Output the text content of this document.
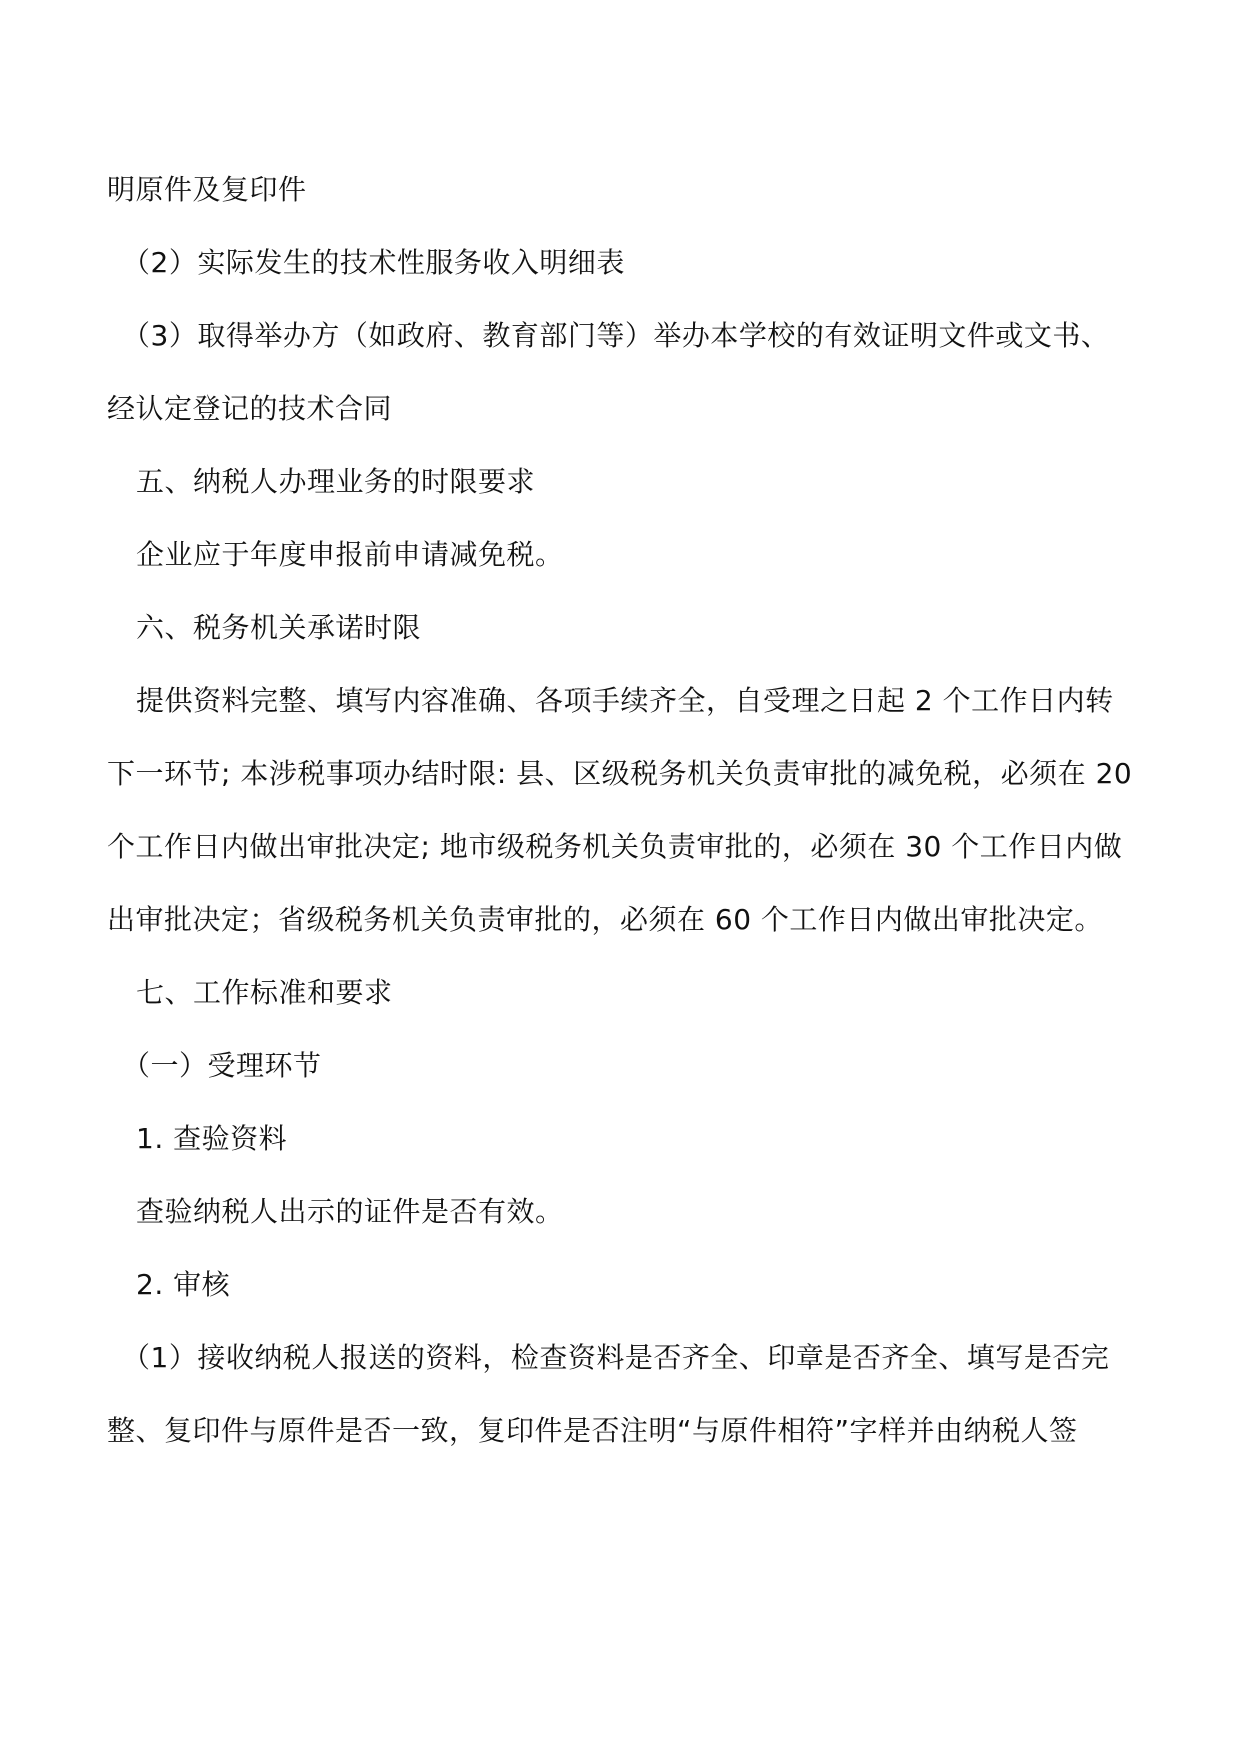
明原件及复印件
（2）实际发生的技术性服务收入明细表
（3）取得举办方（如政府、教育部门等）举办本学校的有效证明文件或文书、
经认定登记的技术合同
五、纳税人办理业务的时限要求
企业应于年度申报前申请减免税。
六、税务机关承诺时限
提供资料完整、填写内容准确、各项手续齐全，自受理之日起 2 个工作日内转
下一环节; 本涉税事项办结时限: 县、区级税务机关负责审批的减免税，必须在 20
个工作日内做出审批决定; 地市级税务机关负责审批的，必须在 30 个工作日内做
出审批决定；省级税务机关负责审批的，必须在 60 个工作日内做出审批决定。
七、工作标准和要求
（一）受理环节
1. 查验资料
查验纳税人出示的证件是否有效。
2. 审核
（1）接收纳税人报送的资料，检查资料是否齐全、印章是否齐全、填写是否完
整、复印件与原件是否一致，复印件是否注明“与原件相符”字样并由纳税人签
